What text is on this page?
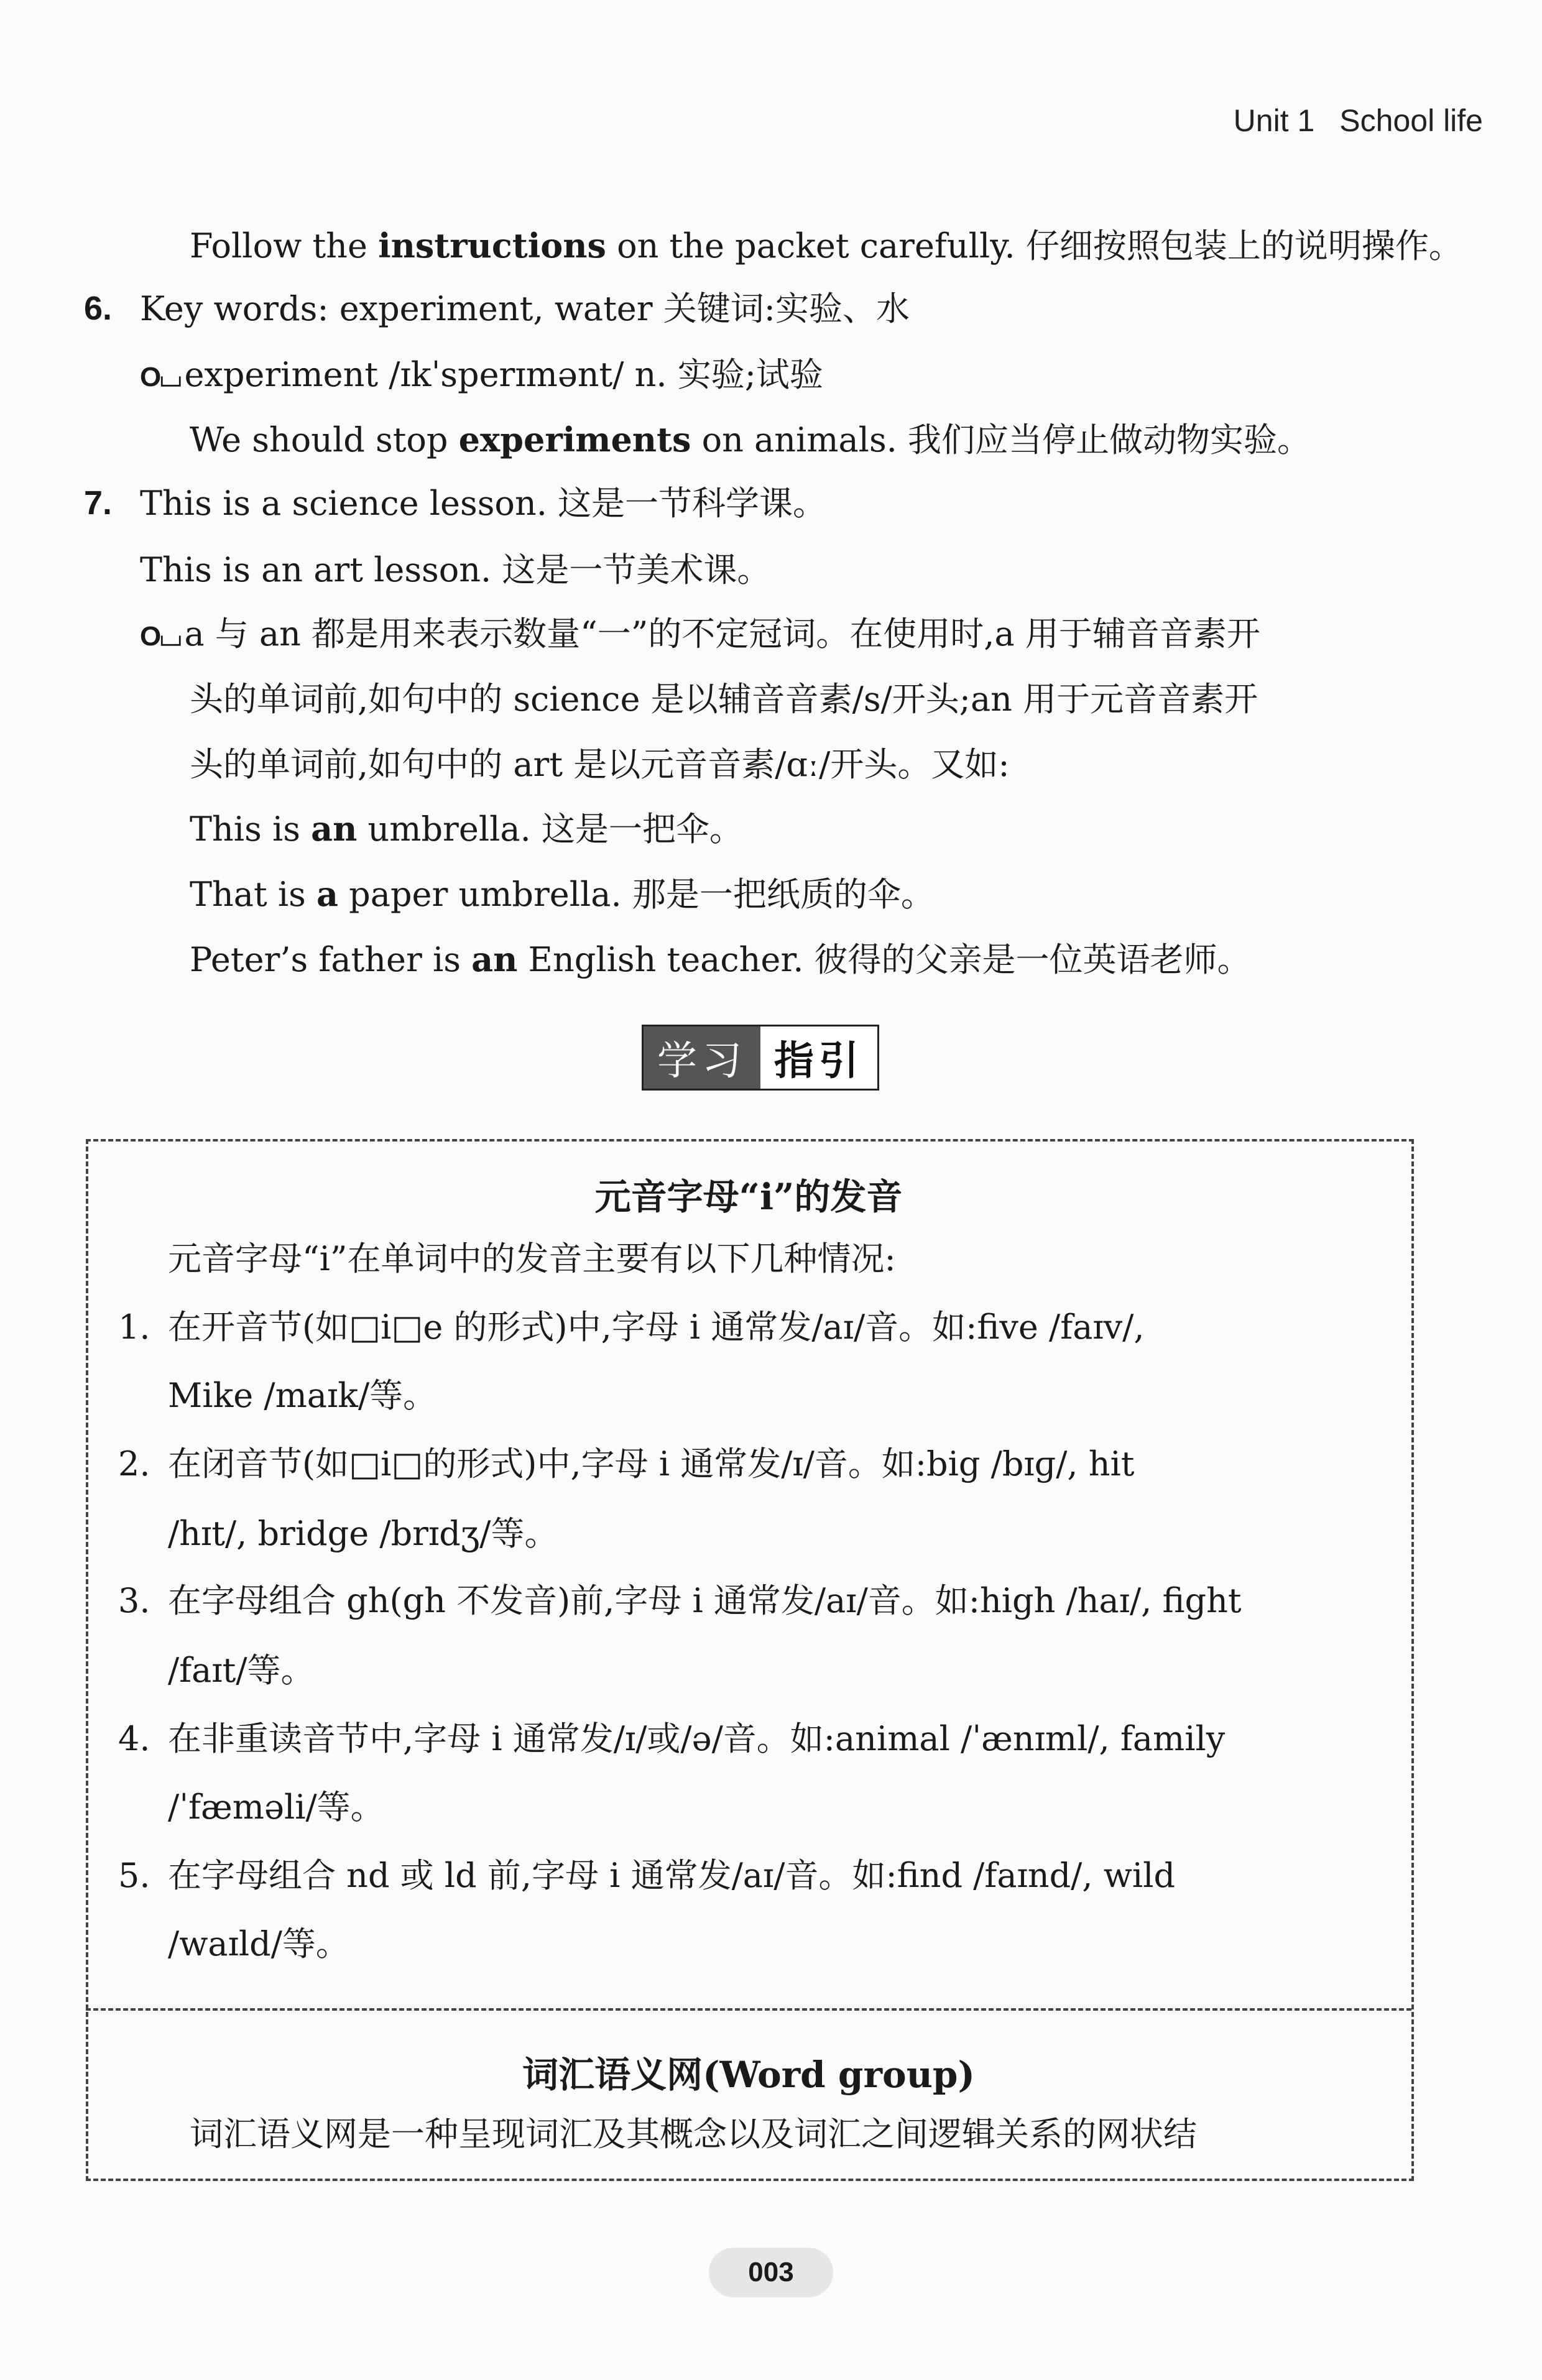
Unit 1 School life
Follow the instructions on the packet carefully. 仔细按照包装上的说明操作。
6. Key words: experiment, water 关键词:实验、水
O⌴ experiment /ɪkˈsperɪmənt/ n. 实验;试验
We should stop experiments on animals. 我们应当停止做动物实验。
7. This is a science lesson. 这是一节科学课。
This is an art lesson. 这是一节美术课。
O⌴ a 与 an 都是用来表示数量“一”的不定冠词。在使用时,a 用于辅音音素开
头的单词前,如句中的 science 是以辅音音素/s/开头;an 用于元音音素开
头的单词前,如句中的 art 是以元音音素/ɑː/开头。又如:
This is an umbrella. 这是一把伞。
That is a paper umbrella. 那是一把纸质的伞。
Peter’s father is an English teacher. 彼得的父亲是一位英语老师。
学习 指引
元音字母“i”的发音
元音字母“i”在单词中的发音主要有以下几种情况:
1. 在开音节(如□i□e 的形式)中,字母 i 通常发/aɪ/音。如:five /faɪv/,
Mike /maɪk/等。
2. 在闭音节(如□i□的形式)中,字母 i 通常发/ɪ/音。如:big /bɪɡ/, hit
/hɪt/, bridge /brɪdʒ/等。
3. 在字母组合 gh(gh 不发音)前,字母 i 通常发/aɪ/音。如:high /haɪ/, fight
/faɪt/等。
4. 在非重读音节中,字母 i 通常发/ɪ/或/ə/音。如:animal /ˈænɪml/, family
/ˈfæməli/等。
5. 在字母组合 nd 或 ld 前,字母 i 通常发/aɪ/音。如:find /faɪnd/, wild
/waɪld/等。
词汇语义网(Word group)
词汇语义网是一种呈现词汇及其概念以及词汇之间逻辑关系的网状结
003
